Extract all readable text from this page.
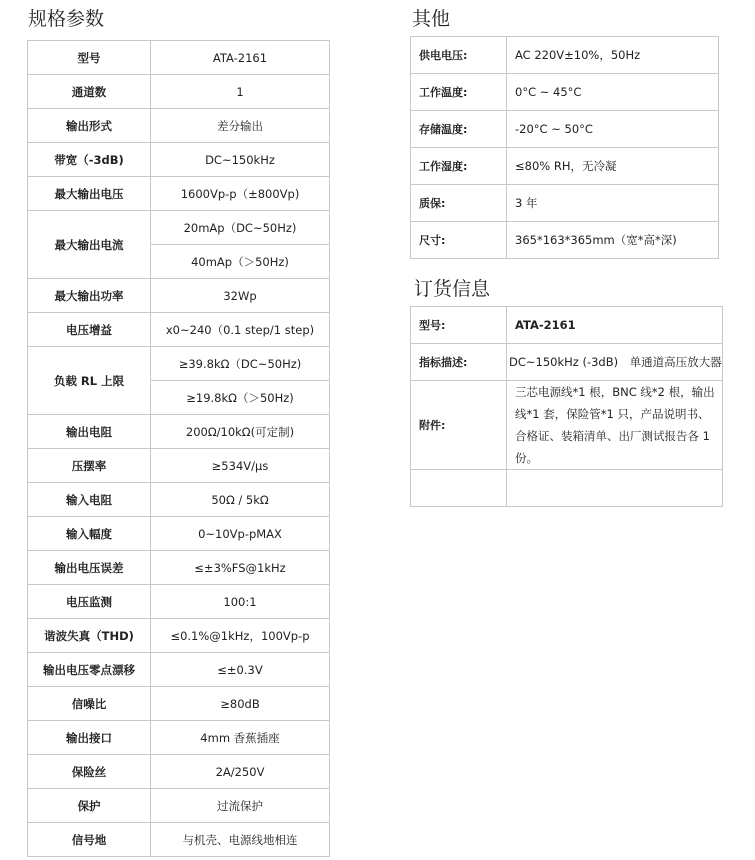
规格参数
型号	ATA-2161
通道数	1
输出形式	差分输出
带宽（-3dB)	DC~150kHz
最大输出电压	1600Vp-p（±800Vp)
最大输出电流	20mAp（DC~50Hz)
	40mAp（＞50Hz)
最大输出功率	32Wp
电压增益	x0~240（0.1 step/1 step)
负载 RL 上限	≥39.8kΩ（DC~50Hz)
	≥19.8kΩ（＞50Hz)
输出电阻	200Ω/10kΩ(可定制)
压摆率	≥534V/μs
输入电阻	50Ω / 5kΩ
输入幅度	0~10Vp-pMAX
输出电压误差	≤±3%FS@1kHz
电压监测	100:1
谐波失真（THD)	≤0.1%@1kHz，100Vp-p
输出电压零点漂移	≤±0.3V
信噪比	≥80dB
输出接口	4mm 香蕉插座
保险丝	2A/250V
保护	过流保护
信号地	与机壳、电源线地相连
其他
供电电压:	AC 220V±10%，50Hz
工作温度:	0°C ~ 45°C
存储温度:	-20°C ~ 50°C
工作湿度:	≤80% RH，无冷凝
质保:	3 年
尺寸:	365*163*365mm（宽*高*深)
订货信息
型号:	ATA-2161
指标描述:	DC~150kHz (-3dB)　单通道高压放大器
附件:	三芯电源线*1 根，BNC 线*2 根，输出线*1 套，保险管*1 只，产品说明书、合格证、装箱清单、出厂测试报告各 1 份。
